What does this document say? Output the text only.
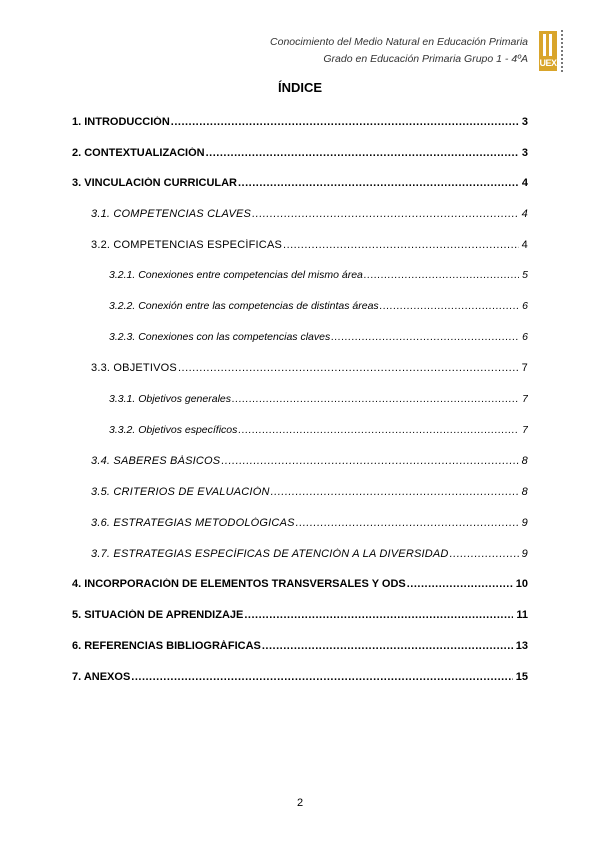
Conocimiento del Medio Natural en Educación Primaria
Grado en Educación Primaria Grupo 1 - 4ºA UEX
ÍNDICE
1. INTRODUCCIÓN .....	3
2. CONTEXTUALIZACIÓN .....	3
3. VINCULACIÓN CURRICULAR .....	4
3.1. COMPETENCIAS CLAVES .....	4
3.2. COMPETENCIAS ESPECÍFICAS .....	4
3.2.1. Conexiones entre competencias del mismo área .....	5
3.2.2. Conexión entre las competencias de distintas áreas .....	6
3.2.3. Conexiones con las competencias claves .....	6
3.3. OBJETIVOS .....	7
3.3.1. Objetivos generales .....	7
3.3.2. Objetivos específicos .....	7
3.4. SABERES BÁSICOS .....	8
3.5. CRITERIOS DE EVALUACIÓN .....	8
3.6. ESTRATEGIAS METODOLÓGICAS .....	9
3.7. ESTRATEGIAS ESPECÍFICAS DE ATENCIÓN A LA DIVERSIDAD .....	9
4. INCORPORACIÓN DE ELEMENTOS TRANSVERSALES Y ODS .....	10
5. SITUACIÓN DE APRENDIZAJE .....	11
6. REFERENCIAS BIBLIOGRÁFICAS .....	13
7. ANEXOS .....	15
2
